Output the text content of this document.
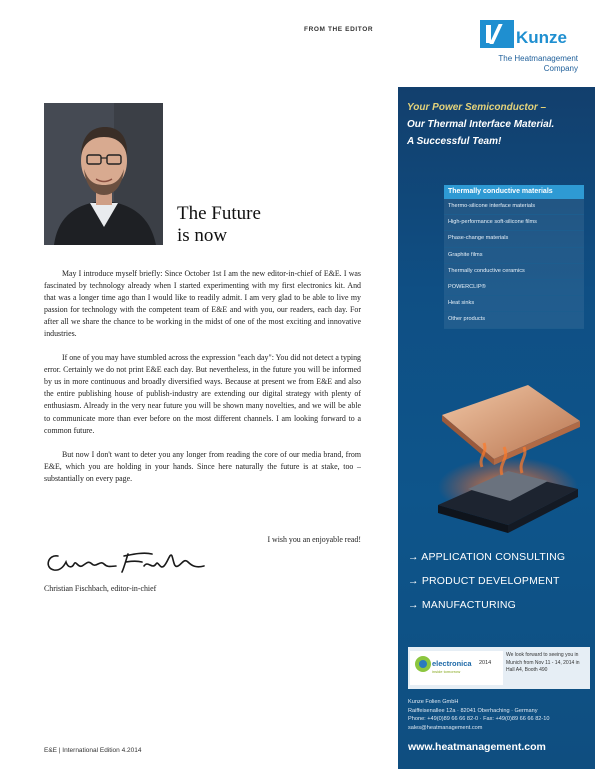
FROM THE EDITOR	Kunze
The Heatmanagement
Company
The Future
is now

May I introduce myself briefly: Since October 1st I am the new editor-in-chief of E&E. I was fascinated by technology already when I started experimenting with my first electronics kit. And that was a longer time ago than I would like to readily admit. I am very glad to be able to live my passion for technology with the competent team of E&E and with you, our readers, each day. For after all we share the chance to be working in the midst of one of the most exciting and innovative industries.

If one of you may have stumbled across the expression "each day": You did not detect a typing error. Certainly we do not print E&E each day. But nevertheless, in the future you will be informed by us in more continuous and broadly diversified ways. Because at present we from E&E and also the entire publishing house of publish-industry are extending our digital strategy with plenty of enthusiasm. Already in the very near future you will be shown many novelties, and we will be able to communicate more than ever before on the most different channels. I am looking forward to a common future.

But now I don't want to deter you any longer from reading the core of our media brand, from E&E, which you are holding in your hands. Since here naturally the future is at stake, too – substantially on every page.

I wish you an enjoyable read!
Christian Fischbach, editor-in-chief
E&E | International Edition 4.2014
Your Power Semiconductor –
Our Thermal Interface Material.
A Successful Team!
Thermally conductive materials
Thermo-silicone interface materials
High-performance soft-silicone films
Phase-change materials
Graphite films
Thermally conductive ceramics
POWERCLIP®
Heat sinks
Other products
→ APPLICATION CONSULTING
→ PRODUCT DEVELOPMENT
→ MANUFACTURING
electronica 2014
inside tomorrow
We look forward to seeing you in Munich from Nov 11 - 14, 2014 in Hall A4, Booth 490
Kunze Folien GmbH
Raiffeisenallee 12a · 82041 Oberhaching · Germany
Phone: +49(0)89 66 66 82-0 · Fax: +49(0)89 66 66 82-10
sales@heatmanagement.com
www.heatmanagement.com
